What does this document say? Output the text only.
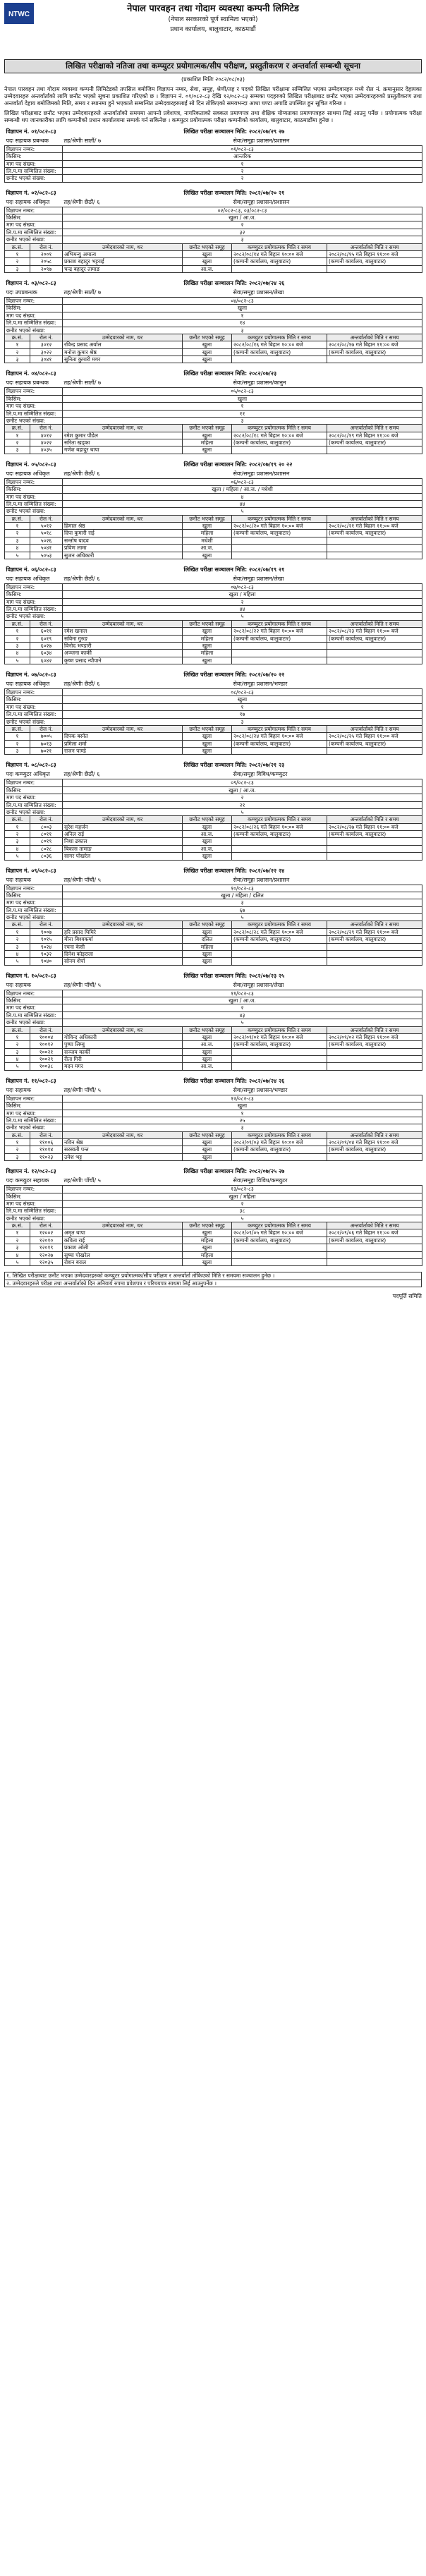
NTWC
नेपाल पारवहन तथा गोदाम व्यवस्था कम्पनी लिमिटेड
(नेपाल सरकारको पूर्ण स्वामित्व भएको)
प्रधान कार्यालय, बालुवाटार, काठमाडौं
लिखित परीक्षाको नतिजा तथा कम्प्युटर प्रयोगात्मक/सीप परीक्षण, प्रस्तुतीकरण र अन्तर्वार्ता सम्बन्धी सूचना
(प्रकाशित मितिः २०८२/०८/०३)

नेपाल पारवहन तथा गोदाम व्यवस्था कम्पनी लिमिटेडको तपसिल बमोजिम विज्ञापन नम्बर, सेवा, समूह, श्रेणी/तह र पदको लिखित परीक्षामा सम्मिलित भएका उम्मेदवारहरु मध्ये रोल नं. क्रमानुसार देहायका उम्मेदवारहरु अन्तर्वार्ताको लागि छनौट भएको सूचना प्रकाशित गरिएको छ । विज्ञापन नं. ०१/०८२-८३ देखि १२/०८२-८३ सम्मका पदहरुको लिखित परीक्षाबाट छनौट भएका उम्मेदवारहरुको प्रस्तुतीकरण तथा अन्तर्वार्ता देहाय बमोजिमको मिति, समय र स्थानमा हुने भएकाले सम्बन्धित उम्मेदवारहरुलाई सो दिन तोकिएको समयभन्दा आधा घण्टा अगाडि उपस्थित हुन सूचित गरिन्छ ।

लिखित परीक्षाबाट छनौट भएका उम्मेदवारहरुले अन्तर्वार्ताको समयमा आफ्नो प्रवेशपत्र, नागरिकताको सक्कल प्रमाणपत्र तथा शैक्षिक योग्यताका प्रमाणपत्रहरु साथमा लिई आउनु पर्नेछ । प्रयोगात्मक परीक्षा सम्बन्धी थप जानकारीका लागि कम्पनीको प्रधान कार्यालयमा सम्पर्क गर्न सकिनेछ । कम्प्युटर प्रयोगात्मक परीक्षा कम्पनीको कार्यालय, बालुवाटार, काठमाडौंमा हुनेछ ।

विज्ञापन नं. ०१/०८२-८३		लिखित परीक्षा सञ्चालन मिति: २०८२/०७/२९ २७	
पदः सहायक प्रबन्धक	तह/श्रेणीः सातौं/ ७		सेवा/समूहः प्रशासन/प्रशासन
विज्ञापन नम्बर:	०१/०८२-८३		
किसिम:	आन्तरिक		
माग पद संख्या:	१		
लि.प.मा सम्मिलित संख्या:	२		
छनौट भएको संख्या:	२		
विज्ञापन नं. ०२/०८२-८३			लिखित परीक्षा सञ्चालन मिति: २०८२/०७/२० २१		
पदः सहायक अधिकृत		तह/श्रेणीः छैठौं/ ६		सेवा/समूहः प्रशासन/प्रशासन	
विज्ञापन नम्बर:		०२/०८२-८३, ०३/०८२-८३			
किसिम:		खुला / आ.ज.			
माग पद संख्या:		२			
लि.प.मा सम्मिलित संख्या:		३२			
छनौट भएको संख्या:		३			
क्र.सं.	रोल नं.	उम्मेदवारको नाम, थर	छनौट भएको समूह	कम्प्युटर प्रयोगात्मक मिति र समय	अन्तर्वार्ताको मिति र समय
१	२००१	अभिमन्यु अमात्य	खुला	२०८२/०८/१४ गते बिहान १०:०० बजे	२०८२/०८/१५ गते बिहान ११:०० बजे
२	२०५८	प्रकाश बहादुर भट्टराई	खुला	(कम्पनी कार्यालय, बालुवाटार)	(कम्पनी कार्यालय, बालुवाटार)
३	२०९७	चन्द्र बहादुर तामाङ	आ.ज.		
विज्ञापन नं. ०३/०८२-८३			लिखित परीक्षा सञ्चालन मिति: २०८२/०७/२४ २६		
पदः उपप्रबन्धक		तह/श्रेणीः सातौं/ ७		सेवा/समूहः प्रशासन/लेखा	
विज्ञापन नम्बर:		०४/०८२-८३			
किसिम:		खुला			
माग पद संख्या:		१			
लि.प.मा सम्मिलित संख्या:		१४			
छनौट भएको संख्या:		३			
क्र.सं.	रोल नं.	उम्मेदवारको नाम, थर	छनौट भएको समूह	कम्प्युटर प्रयोगात्मक मिति र समय	अन्तर्वार्ताको मिति र समय
१	३०१२	रविन्द्र प्रसाद अर्याल	खुला	२०८२/०८/१६ गते बिहान १०:०० बजे	२०८२/०८/१७ गते बिहान ११:०० बजे
२	३०२२	मनोज कुमार श्रेष्ठ	खुला	(कम्पनी कार्यालय, बालुवाटार)	(कम्पनी कार्यालय, बालुवाटार)
३	३०४१	सुनिता कुमारी मगर	खुला		
विज्ञापन नं. ०४/०८२-८३			लिखित परीक्षा सञ्चालन मिति: २०८२/०७/२३		
पदः सहायक प्रबन्धक		तह/श्रेणीः सातौं/ ७		सेवा/समूहः प्रशासन/कानुन	
विज्ञापन नम्बर:		०५/०८२-८३			
किसिम:		खुला			
माग पद संख्या:		१			
लि.प.मा सम्मिलित संख्या:		११			
छनौट भएको संख्या:		३			
क्र.सं.	रोल नं.	उम्मेदवारको नाम, थर	छनौट भएको समूह	कम्प्युटर प्रयोगात्मक मिति र समय	अन्तर्वार्ताको मिति र समय
१	४०१२	रमेश कुमार पौडेल	खुला	२०८२/०८/१८ गते बिहान १०:०० बजे	२०८२/०८/१९ गते बिहान ११:०० बजे
२	४०२२	सरिता खड्का	महिला	(कम्पनी कार्यालय, बालुवाटार)	(कम्पनी कार्यालय, बालुवाटार)
३	४०३५	गणेश बहादुर थापा	खुला		
विज्ञापन नं. ०५/०८२-८३			लिखित परीक्षा सञ्चालन मिति: २०८२/०७/१९ २० २२		
पदः सहायक अधिकृत		तह/श्रेणीः छैठौं/ ६		सेवा/समूहः प्रशासन/प्रशासन	
विज्ञापन नम्बर:		०६/०८२-८३			
किसिम:		खुला / महिला / आ.ज. / मधेशी			
माग पद संख्या:		४			
लि.प.मा सम्मिलित संख्या:		४४			
छनौट भएको संख्या:		५			
क्र.सं.	रोल नं.	उम्मेदवारको नाम, थर	छनौट भएको समूह	कम्प्युटर प्रयोगात्मक मिति र समय	अन्तर्वार्ताको मिति र समय
१	५०१२	हिमाल श्रेष्ठ	खुला	२०८२/०८/२० गते बिहान १०:०० बजे	२०८२/०८/२१ गते बिहान ११:०० बजे
२	५०१८	दिपा कुमारी राई	महिला	(कम्पनी कार्यालय, बालुवाटार)	(कम्पनी कार्यालय, बालुवाटार)
३	५०२६	सन्तोष यादव	मधेशी		
४	५०४१	प्रविण लामा	आ.ज.		
५	५०५३	सुजन अधिकारी	खुला		
विज्ञापन नं. ०६/०८२-८३			लिखित परीक्षा सञ्चालन मिति: २०८२/०७/१९ २१		
पदः सहायक अधिकृत		तह/श्रेणीः छैठौं/ ६		सेवा/समूहः प्रशासन/लेखा	
विज्ञापन नम्बर:		०७/०८२-८३			
किसिम:		खुला / महिला			
माग पद संख्या:		२			
लि.प.मा सम्मिलित संख्या:		४४			
छनौट भएको संख्या:		५			
क्र.सं.	रोल नं.	उम्मेदवारको नाम, थर	छनौट भएको समूह	कम्प्युटर प्रयोगात्मक मिति र समय	अन्तर्वार्ताको मिति र समय
१	६०११	रमेश खनाल	खुला	२०८२/०८/२२ गते बिहान १०:०० बजे	२०८२/०८/२३ गते बिहान ११:०० बजे
२	६०१९	सविना गुरुङ	महिला	(कम्पनी कार्यालय, बालुवाटार)	(कम्पनी कार्यालय, बालुवाटार)
३	६०२७	विनोद भण्डारी	खुला		
४	६०३४	अञ्जना कार्की	महिला		
५	६०४२	कृष्ण प्रसाद न्यौपाने	खुला		
विज्ञापन नं. ०७/०८२-८३			लिखित परीक्षा सञ्चालन मिति: २०८२/०७/२० २२		
पदः सहायक अधिकृत		तह/श्रेणीः छैठौं/ ६		सेवा/समूहः प्रशासन/भण्डार	
विज्ञापन नम्बर:		०८/०८२-८३			
किसिम:		खुला			
माग पद संख्या:		१			
लि.प.मा सम्मिलित संख्या:		१७			
छनौट भएको संख्या:		३			
क्र.सं.	रोल नं.	उम्मेदवारको नाम, थर	छनौट भएको समूह	कम्प्युटर प्रयोगात्मक मिति र समय	अन्तर्वार्ताको मिति र समय
१	७००५	दिपक बस्नेत	खुला	२०८२/०८/२४ गते बिहान १०:०० बजे	२०८२/०८/२५ गते बिहान ११:०० बजे
२	७०१३	प्रमिला शर्मा	खुला	(कम्पनी कार्यालय, बालुवाटार)	(कम्पनी कार्यालय, बालुवाटार)
३	७०२१	राजन पाण्डे	खुला		
विज्ञापन नं. ०८/०८२-८३			लिखित परीक्षा सञ्चालन मिति: २०८२/०७/२१ २३		
पदः कम्प्युटर अधिकृत		तह/श्रेणीः छैठौं/ ६		सेवा/समूहः विविध/कम्प्युटर	
विज्ञापन नम्बर:		०९/०८२-८३			
किसिम:		खुला / आ.ज.			
माग पद संख्या:		२			
लि.प.मा सम्मिलित संख्या:		२१			
छनौट भएको संख्या:		५			
क्र.सं.	रोल नं.	उम्मेदवारको नाम, थर	छनौट भएको समूह	कम्प्युटर प्रयोगात्मक मिति र समय	अन्तर्वार्ताको मिति र समय
१	८००३	सुरेश महर्जन	खुला	२०८२/०८/२६ गते बिहान १०:०० बजे	२०८२/०८/२७ गते बिहान ११:०० बजे
२	८०११	अनिल राई	आ.ज.	(कम्पनी कार्यालय, बालुवाटार)	(कम्पनी कार्यालय, बालुवाटार)
३	८०१९	निशा ढकाल	खुला		
४	८०२८	बिकास तामाङ	आ.ज.		
५	८०३६	सागर पोखरेल	खुला		
विज्ञापन नं. ०९/०८२-८३			लिखित परीक्षा सञ्चालन मिति: २०८२/०७/२२ २४		
पदः सहायक		तह/श्रेणीः पाँचौं/ ५		सेवा/समूहः प्रशासन/प्रशासन	
विज्ञापन नम्बर:		१०/०८२-८३			
किसिम:		खुला / महिला / दलित			
माग पद संख्या:		३			
लि.प.मा सम्मिलित संख्या:		६७			
छनौट भएको संख्या:		५			
क्र.सं.	रोल नं.	उम्मेदवारको नाम, थर	छनौट भएको समूह	कम्प्युटर प्रयोगात्मक मिति र समय	अन्तर्वार्ताको मिति र समय
१	९००७	हरि प्रसाद घिमिरे	खुला	२०८२/०८/२८ गते बिहान १०:०० बजे	२०८२/०८/२९ गते बिहान ११:०० बजे
२	९०१५	मीना बिश्वकर्मा	दलित	(कम्पनी कार्यालय, बालुवाटार)	(कम्पनी कार्यालय, बालुवाटार)
३	९०२४	रचना केसी	महिला		
४	९०३२	दिनेश कोइराला	खुला		
५	९०४०	सोनम शेर्पा	खुला		
विज्ञापन नं. १०/०८२-८३			लिखित परीक्षा सञ्चालन मिति: २०८२/०७/२३ २५		
पदः सहायक		तह/श्रेणीः पाँचौं/ ५		सेवा/समूहः प्रशासन/लेखा	
विज्ञापन नम्बर:		११/०८२-८३			
किसिम:		खुला / आ.ज.			
माग पद संख्या:		२			
लि.प.मा सम्मिलित संख्या:		४३			
छनौट भएको संख्या:		५			
क्र.सं.	रोल नं.	उम्मेदवारको नाम, थर	छनौट भएको समूह	कम्प्युटर प्रयोगात्मक मिति र समय	अन्तर्वार्ताको मिति र समय
१	१०००४	गोविन्द अधिकारी	खुला	२०८२/०९/०१ गते बिहान १०:०० बजे	२०८२/०९/०२ गते बिहान ११:०० बजे
२	१००१२	पुष्पा लिम्बु	आ.ज.	(कम्पनी कार्यालय, बालुवाटार)	(कम्पनी कार्यालय, बालुवाटार)
३	१००२१	सञ्जय कार्की	खुला		
४	१००२९	रीता गिरी	खुला		
५	१००३८	मदन मगर	आ.ज.		
विज्ञापन नं. ११/०८२-८३			लिखित परीक्षा सञ्चालन मिति: २०८२/०७/२४ २६		
पदः सहायक		तह/श्रेणीः पाँचौं/ ५		सेवा/समूहः प्रशासन/भण्डार	
विज्ञापन नम्बर:		१२/०८२-८३			
किसिम:		खुला			
माग पद संख्या:		१			
लि.प.मा सम्मिलित संख्या:		२५			
छनौट भएको संख्या:		३			
क्र.सं.	रोल नं.	उम्मेदवारको नाम, थर	छनौट भएको समूह	कम्प्युटर प्रयोगात्मक मिति र समय	अन्तर्वार्ताको मिति र समय
१	११००६	नविन श्रेष्ठ	खुला	२०८२/०९/०३ गते बिहान १०:०० बजे	२०८२/०९/०४ गते बिहान ११:०० बजे
२	११०१४	सरस्वती पन्त	खुला	(कम्पनी कार्यालय, बालुवाटार)	(कम्पनी कार्यालय, बालुवाटार)
३	११०२३	उमेश भट्ट	खुला		
विज्ञापन नं. १२/०८२-८३			लिखित परीक्षा सञ्चालन मिति: २०८२/०७/२५ २७		
पदः कम्प्युटर सहायक		तह/श्रेणीः पाँचौं/ ५		सेवा/समूहः विविध/कम्प्युटर	
विज्ञापन नम्बर:		१३/०८२-८३			
किसिम:		खुला / महिला			
माग पद संख्या:		२			
लि.प.मा सम्मिलित संख्या:		३८			
छनौट भएको संख्या:		५			
क्र.सं.	रोल नं.	उम्मेदवारको नाम, थर	छनौट भएको समूह	कम्प्युटर प्रयोगात्मक मिति र समय	अन्तर्वार्ताको मिति र समय
१	१२००२	अमृत थापा	खुला	२०८२/०९/०५ गते बिहान १०:०० बजे	२०८२/०९/०६ गते बिहान ११:०० बजे
२	१२०१०	कविता राई	महिला	(कम्पनी कार्यालय, बालुवाटार)	(कम्पनी कार्यालय, बालुवाटार)
३	१२०१९	प्रकाश ओली	खुला		
४	१२०२७	सुष्मा पोखरेल	महिला		
५	१२०३५	रोशन बराल	खुला		
१. लिखित परीक्षाबाट छनौट भएका उम्मेदवारहरुको कम्प्युटर प्रयोगात्मक/सीप परीक्षण र अन्तर्वार्ता तोकिएको मिति र समयमा सञ्चालन हुनेछ ।
२. उम्मेदवारहरुले परीक्षा तथा अन्तर्वार्ताको दिन अनिवार्य रुपमा प्रवेशपत्र र परिचयपत्र साथमा लिई आउनुपर्नेछ ।
पदपूर्ति समिति
